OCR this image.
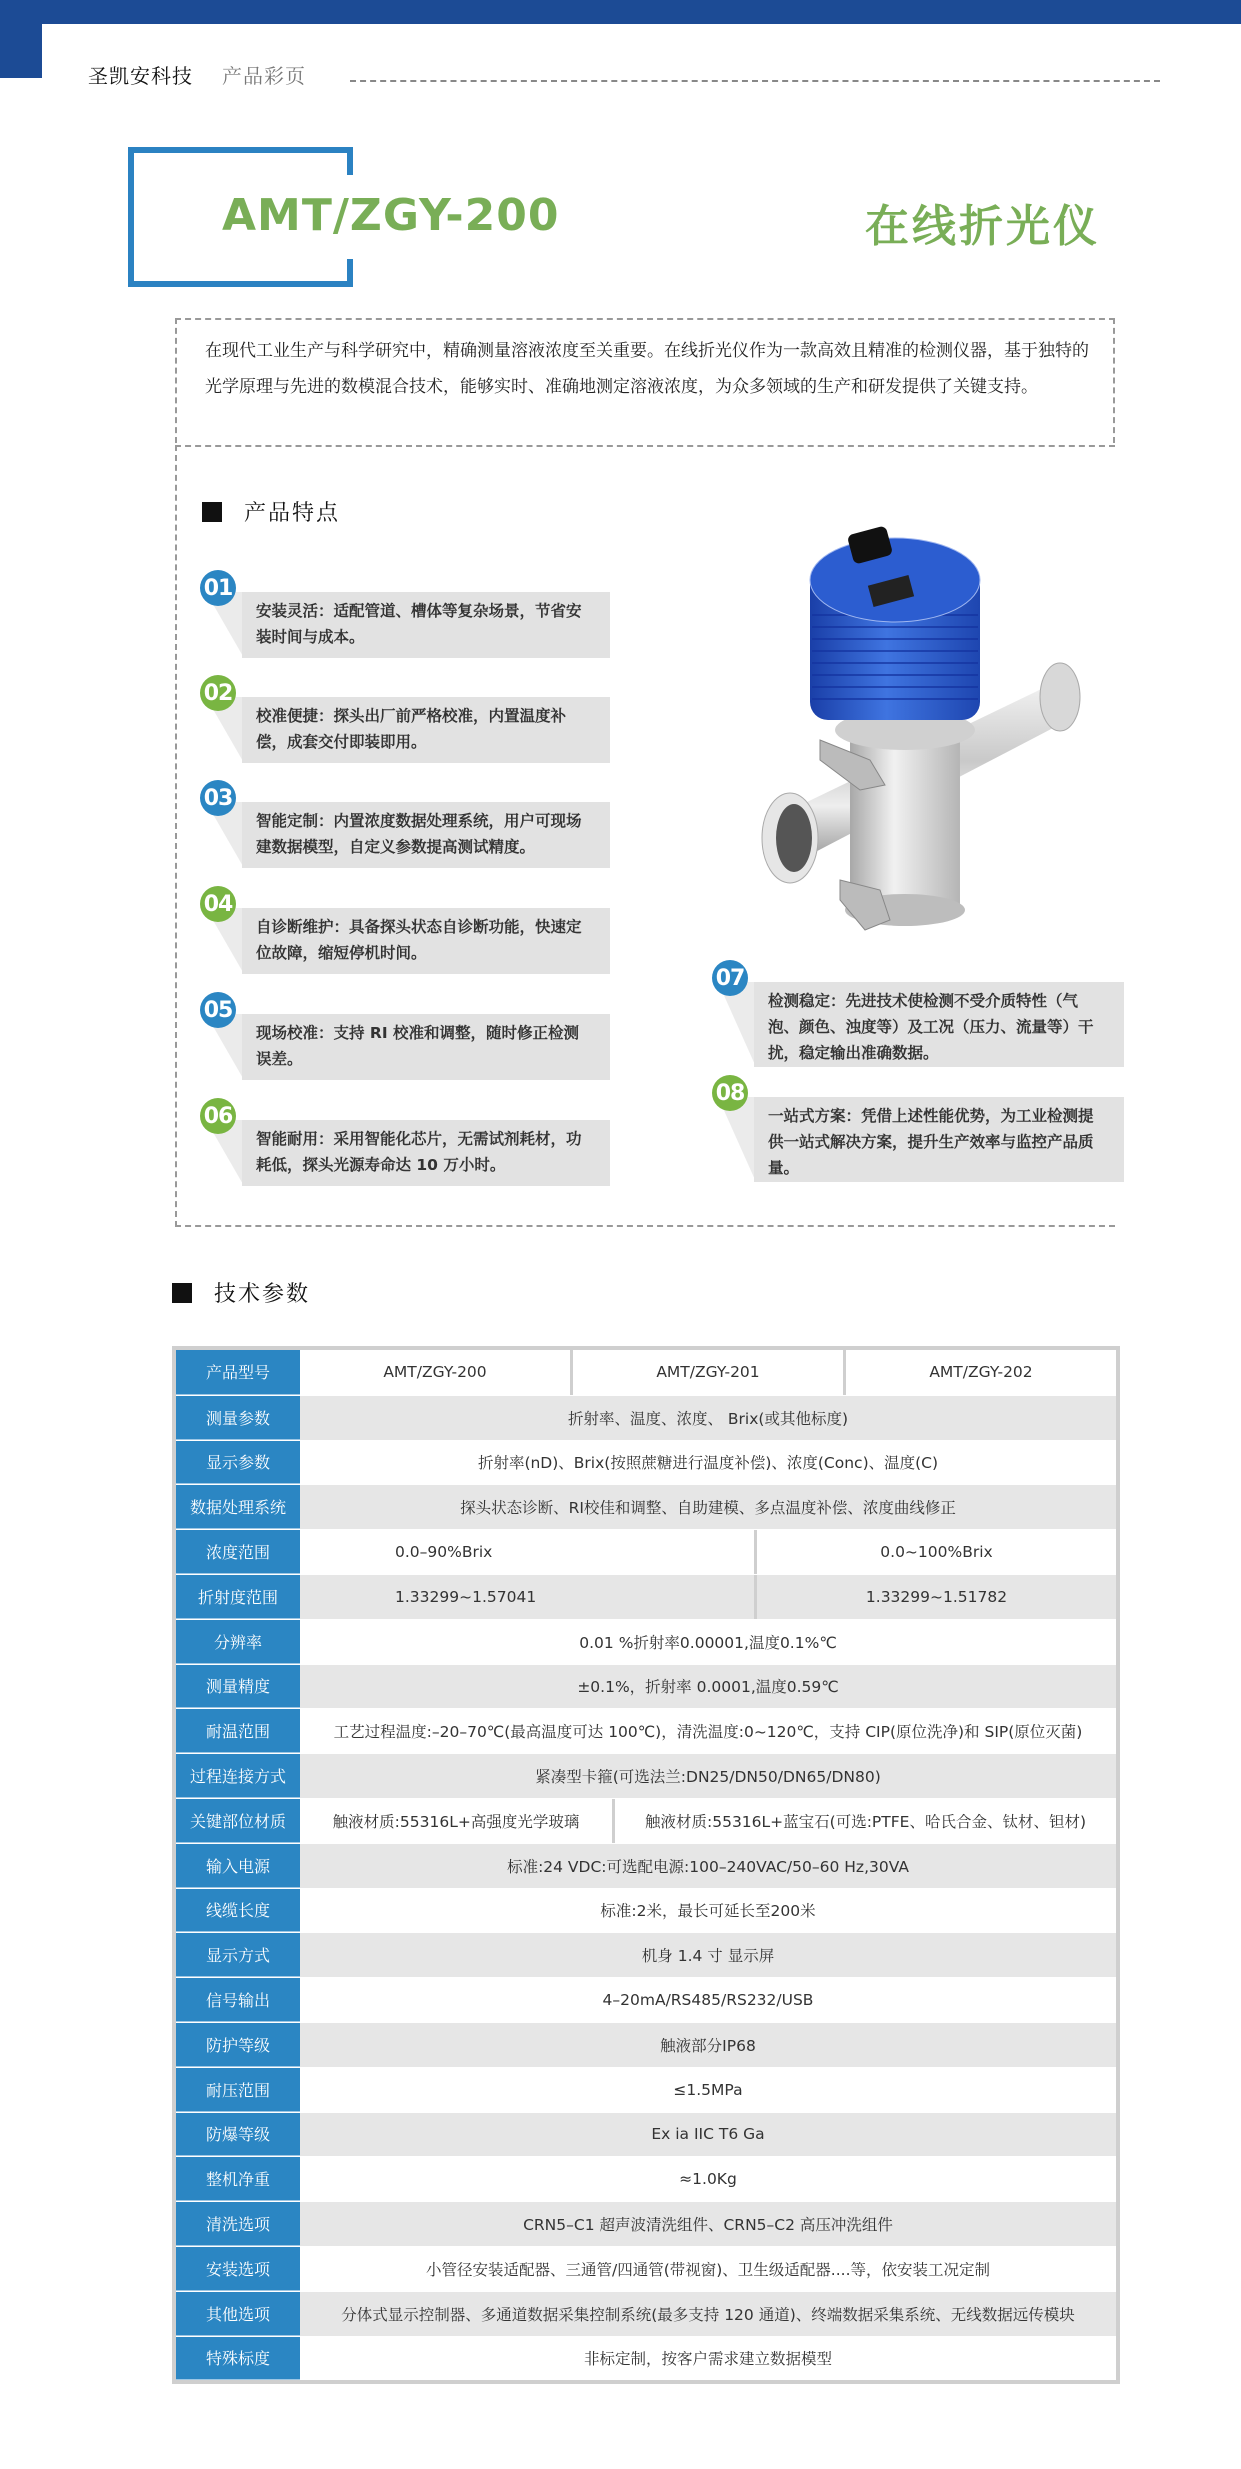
圣凯安科技 产品彩页
AMT/ZGY-200	在线折光仪
在现代工业生产与科学研究中，精确测量溶液浓度至关重要。在线折光仪作为一款高效且精准的检测仪器，基于独特的光学原理与先进的数模混合技术，能够实时、准确地测定溶液浓度，为众多领域的生产和研发提供了关键支持。
产品特点
01
安装灵活：适配管道、槽体等复杂场景，节省安装时间与成本。
02
校准便捷：探头出厂前严格校准，内置温度补偿，成套交付即装即用。
03
智能定制：内置浓度数据处理系统，用户可现场建数据模型，自定义参数提高测试精度。
04
自诊断维护：具备探头状态自诊断功能，快速定位故障，缩短停机时间。
05
现场校准：支持 RI 校准和调整，随时修正检测误差。
06
智能耐用：采用智能化芯片，无需试剂耗材，功耗低，探头光源寿命达 10 万小时。
07
检测稳定：先进技术使检测不受介质特性（气泡、颜色、浊度等）及工况（压力、流量等）干扰，稳定输出准确数据。
08
一站式方案：凭借上述性能优势，为工业检测提供一站式解决方案，提升生产效率与监控产品质量。
技术参数
产品型号	AMT/ZGY-200	AMT/ZGY-201	AMT/ZGY-202
测量参数	折射率、温度、浓度、 Brix(或其他标度)
显示参数	折射率(nD)、Brix(按照蔗糖进行温度补偿)、浓度(Conc)、温度(C)
数据处理系统	探头状态诊断、RI校佳和调整、自助建模、多点温度补偿、浓度曲线修正
浓度范围	0.0–90%Brix	0.0~100%Brix
折射度范围	1.33299~1.57041	1.33299~1.51782
分辨率	0.01 %折射率0.00001,温度0.1%℃
测量精度	±0.1%，折射率 0.0001,温度0.59℃
耐温范围	工艺过程温度:–20–70℃(最高温度可达 100℃)，清洗温度:0~120℃，支持 CIP(原位洗净)和 SIP(原位灭菌)
过程连接方式	紧凑型卡箍(可选法兰:DN25/DN50/DN65/DN80)
关键部位材质	触液材质:55316L+高强度光学玻璃	触液材质:55316L+蓝宝石(可选:PTFE、哈氏合金、钛材、钽材)
输入电源	标准:24 VDC:可选配电源:100–240VAC/50–60 Hz,30VA
线缆长度	标准:2米，最长可延长至200米
显示方式	机身 1.4 寸 显示屏
信号输出	4–20mA/RS485/RS232/USB
防护等级	触液部分IP68
耐压范围	≤1.5MPa
防爆等级	Ex ia IIC T6 Ga
整机净重	≈1.0Kg
清洗选项	CRN5–C1 超声波清洗组件、CRN5–C2 高压冲洗组件
安装选项	小管径安装适配器、三通管/四通管(带视窗)、卫生级适配器....等，依安装工况定制
其他选项	分体式显示控制器、多通道数据采集控制系统(最多支持 120 通道)、终端数据采集系统、无线数据远传模块
特殊标度	非标定制，按客户需求建立数据模型
